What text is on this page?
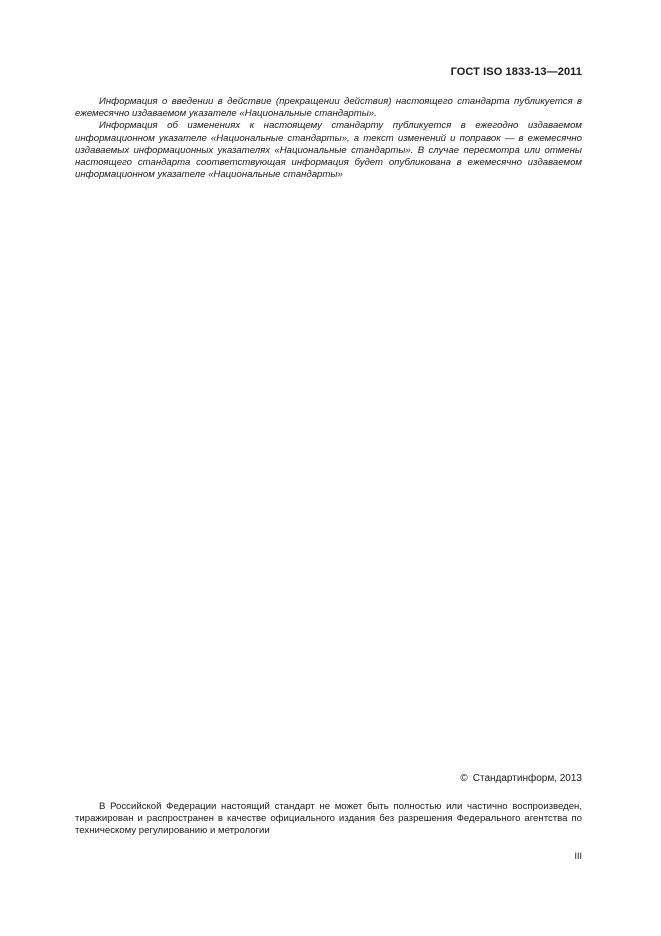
ГОСТ ISO 1833-13—2011

Информация о введении в действие (прекращении действия) настоящего стандарта публикуется в ежемесячно издаваемом указателе «Национальные стандарты».

Информация об изменениях к настоящему стандарту публикуется в ежегодно издаваемом информационном указателе «Национальные стандарты», а текст изменений и поправок — в ежемесячно издаваемых информационных указателях «Национальные стандарты». В случае пересмотра или отмены настоящего стандарта соответствующая информация будет опубликована в ежемесячно издаваемом информационном указателе «Национальные стандарты»

© Стандартинформ, 2013

В Российской Федерации настоящий стандарт не может быть полностью или частично воспроизведен, тиражирован и распространен в качестве официального издания без разрешения Федерального агентства по техническому регулированию и метрологии

III
